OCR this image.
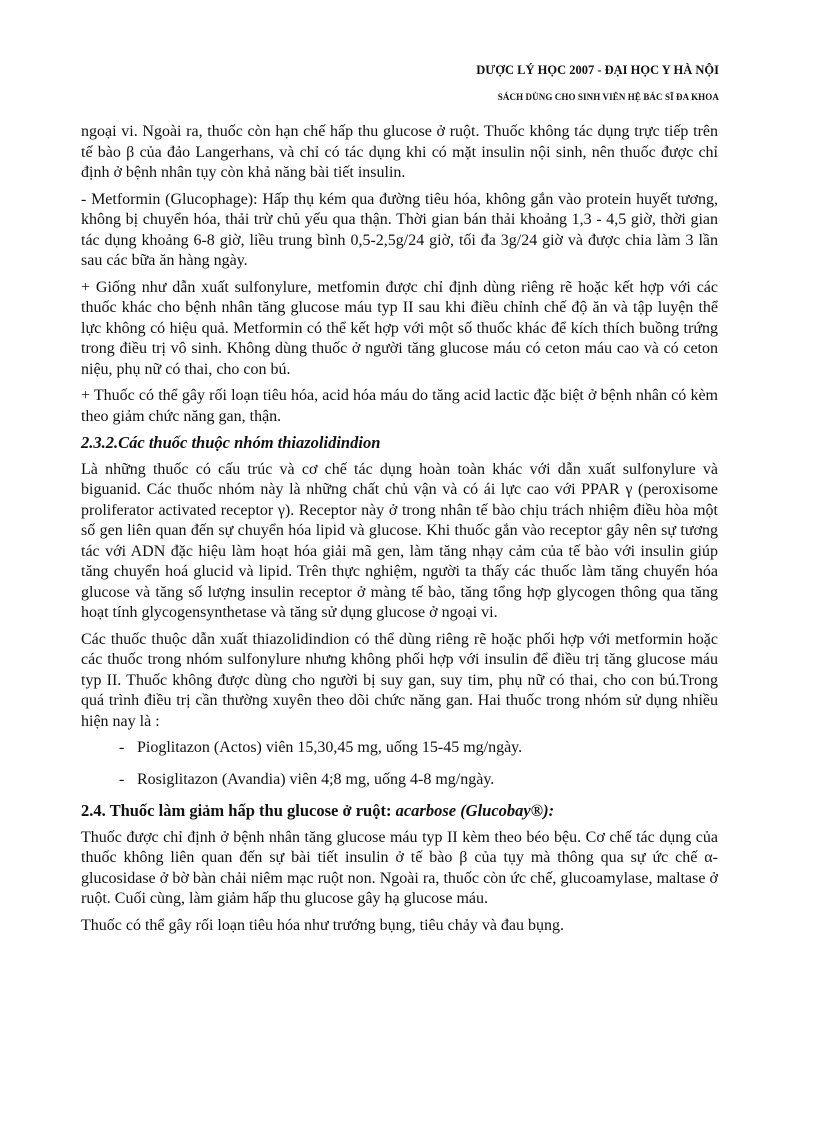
DƯỢC LÝ HỌC 2007 - ĐẠI HỌC Y HÀ NỘI
SÁCH DÙNG CHO SINH VIÊN HỆ BÁC SĨ ĐA KHOA

ngoại vi. Ngoài ra, thuốc còn hạn chế hấp thu glucose ở ruột. Thuốc không tác dụng trực tiếp trên tế bào β của đảo Langerhans, và chỉ có tác dụng khi có mặt insulin nội sinh, nên thuốc được chỉ định ở bệnh nhân tụy còn khả năng bài tiết insulin.

- Metformin (Glucophage): Hấp thụ kém qua đường tiêu hóa, không gắn vào protein huyết tương, không bị chuyển hóa, thải trừ chủ yếu qua thận. Thời gian bán thải khoảng 1,3 - 4,5 giờ, thời gian tác dụng khoảng 6-8 giờ, liều trung bình 0,5-2,5g/24 giờ, tối đa 3g/24 giờ và được chia làm 3 lần sau các bữa ăn hàng ngày.

+ Giống như dẫn xuất sulfonylure, metfomin được chỉ định dùng riêng rẽ hoặc kết hợp với các thuốc khác cho bệnh nhân tăng glucose máu typ II sau khi điều chỉnh chế độ ăn và tập luyện thể lực không có hiệu quả. Metformin có thể kết hợp với một số thuốc khác để kích thích buồng trứng trong điều trị vô sinh. Không dùng thuốc ở người tăng glucose máu có ceton máu cao và có ceton niệu, phụ nữ có thai, cho con bú.

+ Thuốc có thể gây rối loạn tiêu hóa, acid hóa máu do tăng acid lactic đặc biệt ở bệnh nhân có kèm theo giảm chức năng gan, thận.

2.3.2.Các thuốc thuộc nhóm thiazolidindion

Là những thuốc có cấu trúc và cơ chế tác dụng hoàn toàn khác với dẫn xuất sulfonylure và biguanid. Các thuốc nhóm này là những chất chủ vận và có ái lực cao với PPAR γ (peroxisome proliferator activated receptor γ). Receptor này ở trong nhân tế bào chịu trách nhiệm điều hòa một số gen liên quan đến sự chuyển hóa lipid và glucose. Khi thuốc gắn vào receptor gây nên sự tương tác với ADN đặc hiệu làm hoạt hóa giải mã gen, làm tăng nhạy cảm của tế bào với insulin giúp tăng chuyển hoá glucid và lipid. Trên thực nghiệm, người ta thấy các thuốc làm tăng chuyển hóa glucose và tăng số lượng insulin receptor ở màng tế bào, tăng tổng hợp glycogen thông qua tăng hoạt tính glycogensynthetase và tăng sử dụng glucose ở ngoại vi.

Các thuốc thuộc dẫn xuất thiazolidindion có thể dùng riêng rẽ hoặc phối hợp với metformin hoặc các thuốc trong nhóm sulfonylure nhưng không phối hợp với insulin để điều trị tăng glucose máu typ II. Thuốc không được dùng cho người bị suy gan, suy tim, phụ nữ có thai, cho con bú.Trong quá trình điều trị cần thường xuyên theo dõi chức năng gan. Hai thuốc trong nhóm sử dụng nhiều hiện nay là :

- Pioglitazon (Actos) viên 15,30,45 mg, uống 15-45 mg/ngày.
- Rosiglitazon (Avandia) viên 4;8 mg, uống 4-8 mg/ngày.
2.4. Thuốc làm giảm hấp thu glucose ở ruột: acarbose (Glucobay®):

Thuốc được chỉ định ở bệnh nhân tăng glucose máu typ II kèm theo béo bệu. Cơ chế tác dụng của thuốc không liên quan đến sự bài tiết insulin ở tế bào β của tụy mà thông qua sự ức chế α- glucosidase ở bờ bàn chải niêm mạc ruột non. Ngoài ra, thuốc còn ức chế, glucoamylase, maltase ở ruột. Cuối cùng, làm giảm hấp thu glucose gây hạ glucose máu.

Thuốc có thể gây rối loạn tiêu hóa như trướng bụng, tiêu chảy và đau bụng.
